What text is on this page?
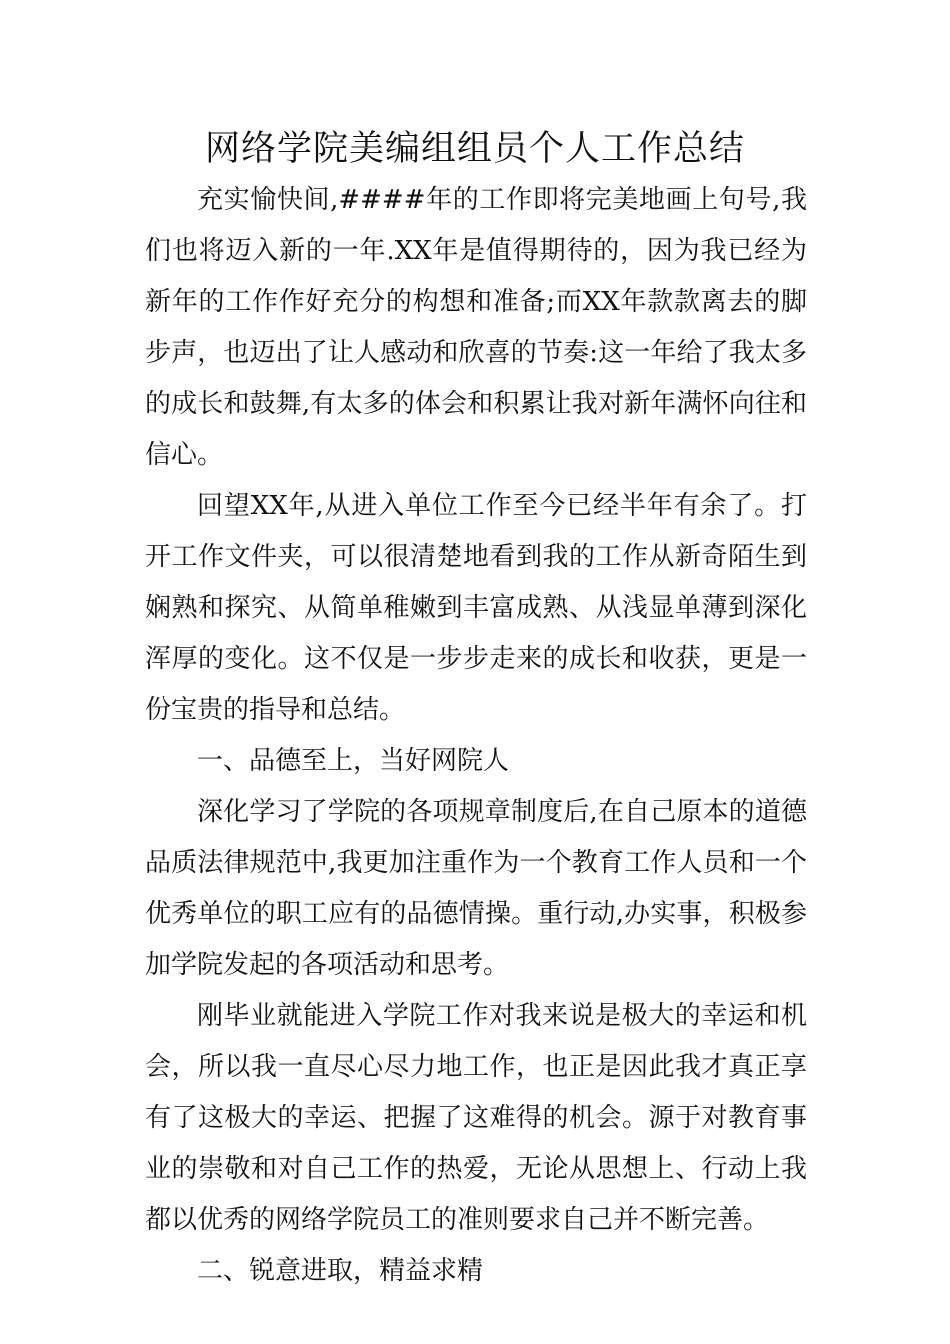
网络学院美编组组员个人工作总结

充实愉快间,####年的工作即将完美地画上句号,我们也将迈入新的一年.XX年是值得期待的，因为我已经为新年的工作作好充分的构想和准备;而XX年款款离去的脚步声，也迈出了让人感动和欣喜的节奏:这一年给了我太多的成长和鼓舞,有太多的体会和积累让我对新年满怀向往和信心。

回望XX年,从进入单位工作至今已经半年有余了。打开工作文件夹，可以很清楚地看到我的工作从新奇陌生到娴熟和探究、从简单稚嫩到丰富成熟、从浅显单薄到深化浑厚的变化。这不仅是一步步走来的成长和收获，更是一份宝贵的指导和总结。

一、品德至上，当好网院人

深化学习了学院的各项规章制度后,在自己原本的道德品质法律规范中,我更加注重作为一个教育工作人员和一个优秀单位的职工应有的品德情操。重行动,办实事，积极参加学院发起的各项活动和思考。

刚毕业就能进入学院工作对我来说是极大的幸运和机会，所以我一直尽心尽力地工作，也正是因此我才真正享有了这极大的幸运、把握了这难得的机会。源于对教育事业的崇敬和对自己工作的热爱，无论从思想上、行动上我都以优秀的网络学院员工的准则要求自己并不断完善。

二、锐意进取，精益求精
